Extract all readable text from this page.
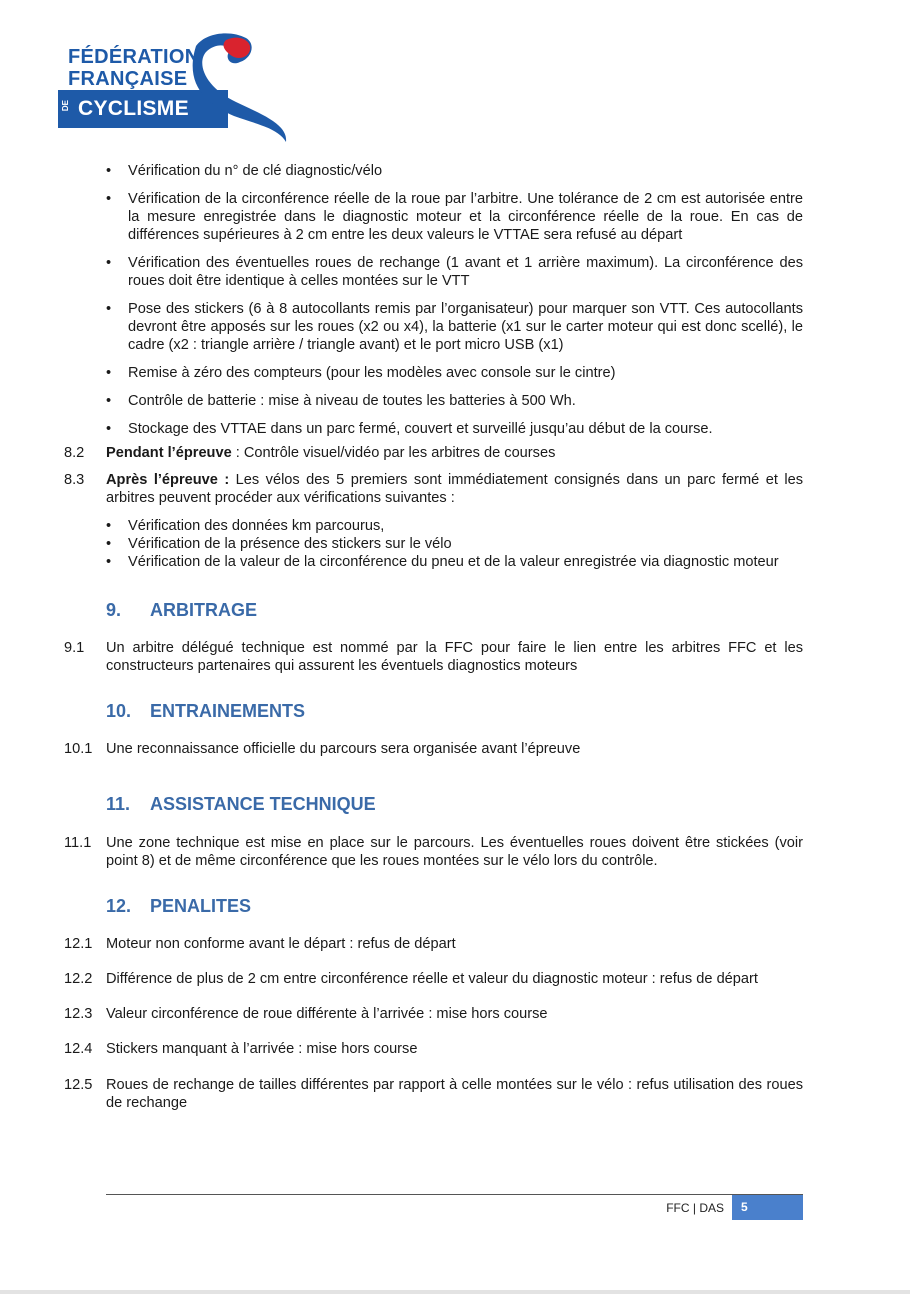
FÉDÉRATION
FRANÇAISE
DE CYCLISME
• Vérification du n° de clé diagnostic/vélo
• Vérification de la circonférence réelle de la roue par l’arbitre. Une tolérance de 2 cm est autorisée entre la mesure enregistrée dans le diagnostic moteur et la circonférence réelle de la roue. En cas de différences supérieures à 2 cm entre les deux valeurs le VTTAE sera refusé au départ
• Vérification des éventuelles roues de rechange (1 avant et 1 arrière maximum). La circonférence des roues doit être identique à celles montées sur le VTT
• Pose des stickers (6 à 8 autocollants remis par l’organisateur) pour marquer son VTT. Ces autocollants devront être apposés sur les roues (x2 ou x4), la batterie (x1 sur le carter moteur qui est donc scellé), le cadre (x2 : triangle arrière / triangle avant) et le port micro USB (x1)
• Remise à zéro des compteurs (pour les modèles avec console sur le cintre)
• Contrôle de batterie : mise à niveau de toutes les batteries à 500 Wh.
• Stockage des VTTAE dans un parc fermé, couvert et surveillé jusqu’au début de la course.
8.2	Pendant l’épreuve : Contrôle visuel/vidéo par les arbitres de courses
8.3	Après l’épreuve : Les vélos des 5 premiers sont immédiatement consignés dans un parc fermé et les arbitres peuvent procéder aux vérifications suivantes :
• Vérification des données km parcourus,
• Vérification de la présence des stickers sur le vélo
• Vérification de la valeur de la circonférence du pneu et de la valeur enregistrée via diagnostic moteur
9. ARBITRAGE
9.1	Un arbitre délégué technique est nommé par la FFC pour faire le lien entre les arbitres FFC et les constructeurs partenaires qui assurent les éventuels diagnostics moteurs
10. ENTRAINEMENTS
10.1 Une reconnaissance officielle du parcours sera organisée avant l’épreuve
11. ASSISTANCE TECHNIQUE
11.1	Une zone technique est mise en place sur le parcours. Les éventuelles roues doivent être stickées (voir point 8) et de même circonférence que les roues montées sur le vélo lors du contrôle.
12. PENALITES
12.1 Moteur non conforme avant le départ : refus de départ
12.2 Différence de plus de 2 cm entre circonférence réelle et valeur du diagnostic moteur : refus de départ
12.3 Valeur circonférence de roue différente à l’arrivée : mise hors course
12.4 Stickers manquant à l’arrivée : mise hors course
12.5 Roues de rechange de tailles différentes par rapport à celle montées sur le vélo : refus utilisation des roues de rechange
FFC | DAS	5
